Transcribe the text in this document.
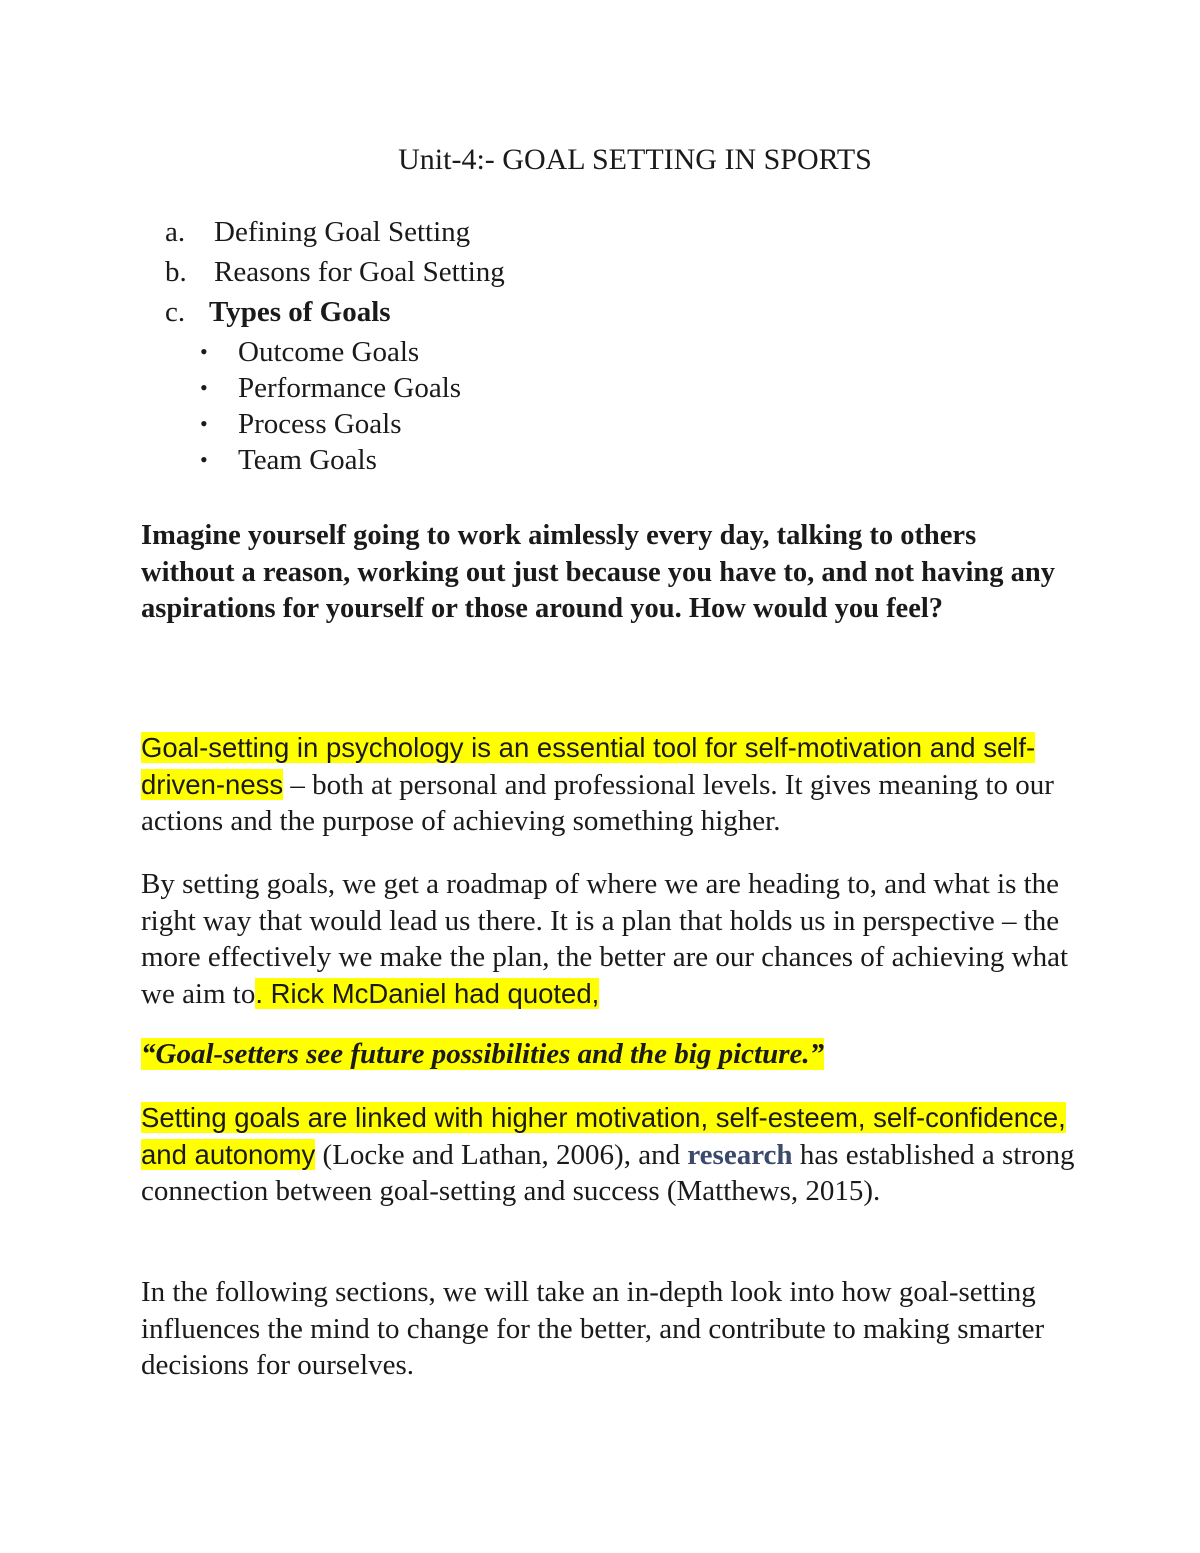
Unit-4:- GOAL SETTING IN SPORTS
a. Defining Goal Setting
b. Reasons for Goal Setting
c. Types of Goals
• Outcome Goals
• Performance Goals
• Process Goals
• Team Goals

Imagine yourself going to work aimlessly every day, talking to others without a reason, working out just because you have to, and not having any aspirations for yourself or those around you. How would you feel?

Goal-setting in psychology is an essential tool for self-motivation and self-driven-ness – both at personal and professional levels. It gives meaning to our actions and the purpose of achieving something higher.

By setting goals, we get a roadmap of where we are heading to, and what is the right way that would lead us there. It is a plan that holds us in perspective – the more effectively we make the plan, the better are our chances of achieving what we aim to. Rick McDaniel had quoted,

“Goal-setters see future possibilities and the big picture.”

Setting goals are linked with higher motivation, self-esteem, self-confidence, and autonomy (Locke and Lathan, 2006), and research has established a strong connection between goal-setting and success (Matthews, 2015).

In the following sections, we will take an in-depth look into how goal-setting influences the mind to change for the better, and contribute to making smarter decisions for ourselves.
